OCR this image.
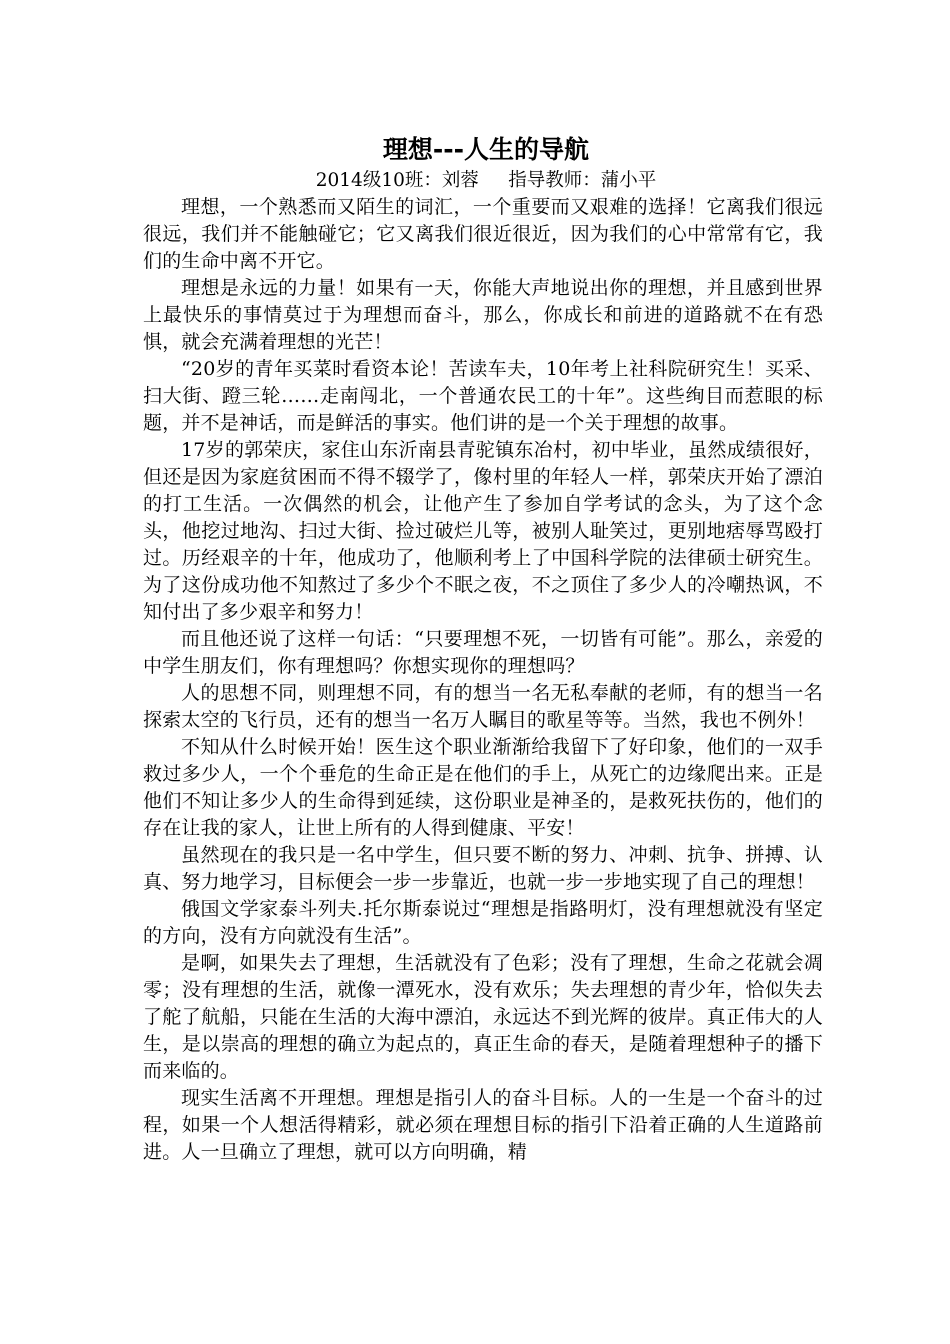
理想---人生的导航

2014级10班：刘蓉     指导教师：蒲小平

理想，一个熟悉而又陌生的词汇，一个重要而又艰难的选择！它离我们很远很远，我们并不能触碰它；它又离我们很近很近，因为我们的心中常常有它，我们的生命中离不开它。

理想是永远的力量！如果有一天，你能大声地说出你的理想，并且感到世界上最快乐的事情莫过于为理想而奋斗，那么，你成长和前进的道路就不在有恐惧，就会充满着理想的光芒！

“20岁的青年买菜时看资本论！苦读车夫，10年考上社科院研究生！买采、扫大街、蹬三轮……走南闯北，一个普通农民工的十年”。这些绚目而惹眼的标题，并不是神话，而是鲜活的事实。他们讲的是一个关于理想的故事。

17岁的郭荣庆，家住山东沂南县青驼镇东冶村，初中毕业，虽然成绩很好，但还是因为家庭贫困而不得不辍学了，像村里的年轻人一样，郭荣庆开始了漂泊的打工生活。一次偶然的机会，让他产生了参加自学考试的念头，为了这个念头，他挖过地沟、扫过大街、捡过破烂儿等，被别人耻笑过，更别地痞辱骂殴打过。历经艰辛的十年，他成功了，他顺利考上了中国科学院的法律硕士研究生。为了这份成功他不知熬过了多少个不眠之夜，不之顶住了多少人的冷嘲热讽，不知付出了多少艰辛和努力！

而且他还说了这样一句话：“只要理想不死，一切皆有可能”。那么，亲爱的中学生朋友们，你有理想吗？你想实现你的理想吗？

人的思想不同，则理想不同，有的想当一名无私奉献的老师，有的想当一名探索太空的飞行员，还有的想当一名万人瞩目的歌星等等。当然，我也不例外！

不知从什么时候开始！医生这个职业渐渐给我留下了好印象，他们的一双手救过多少人，一个个垂危的生命正是在他们的手上，从死亡的边缘爬出来。正是他们不知让多少人的生命得到延续，这份职业是神圣的，是救死扶伤的，他们的存在让我的家人，让世上所有的人得到健康、平安！

虽然现在的我只是一名中学生，但只要不断的努力、冲刺、抗争、拼搏、认真、努力地学习，目标便会一步一步靠近，也就一步一步地实现了自己的理想！

俄国文学家泰斗列夫.托尔斯泰说过“理想是指路明灯，没有理想就没有坚定的方向，没有方向就没有生活”。

是啊，如果失去了理想，生活就没有了色彩；没有了理想，生命之花就会凋零；没有理想的生活，就像一潭死水，没有欢乐；失去理想的青少年，恰似失去了舵了航船，只能在生活的大海中漂泊，永远达不到光辉的彼岸。真正伟大的人生，是以崇高的理想的确立为起点的，真正生命的春天，是随着理想种子的播下而来临的。

现实生活离不开理想。理想是指引人的奋斗目标。人的一生是一个奋斗的过程，如果一个人想活得精彩，就必须在理想目标的指引下沿着正确的人生道路前进。人一旦确立了理想，就可以方向明确，精
